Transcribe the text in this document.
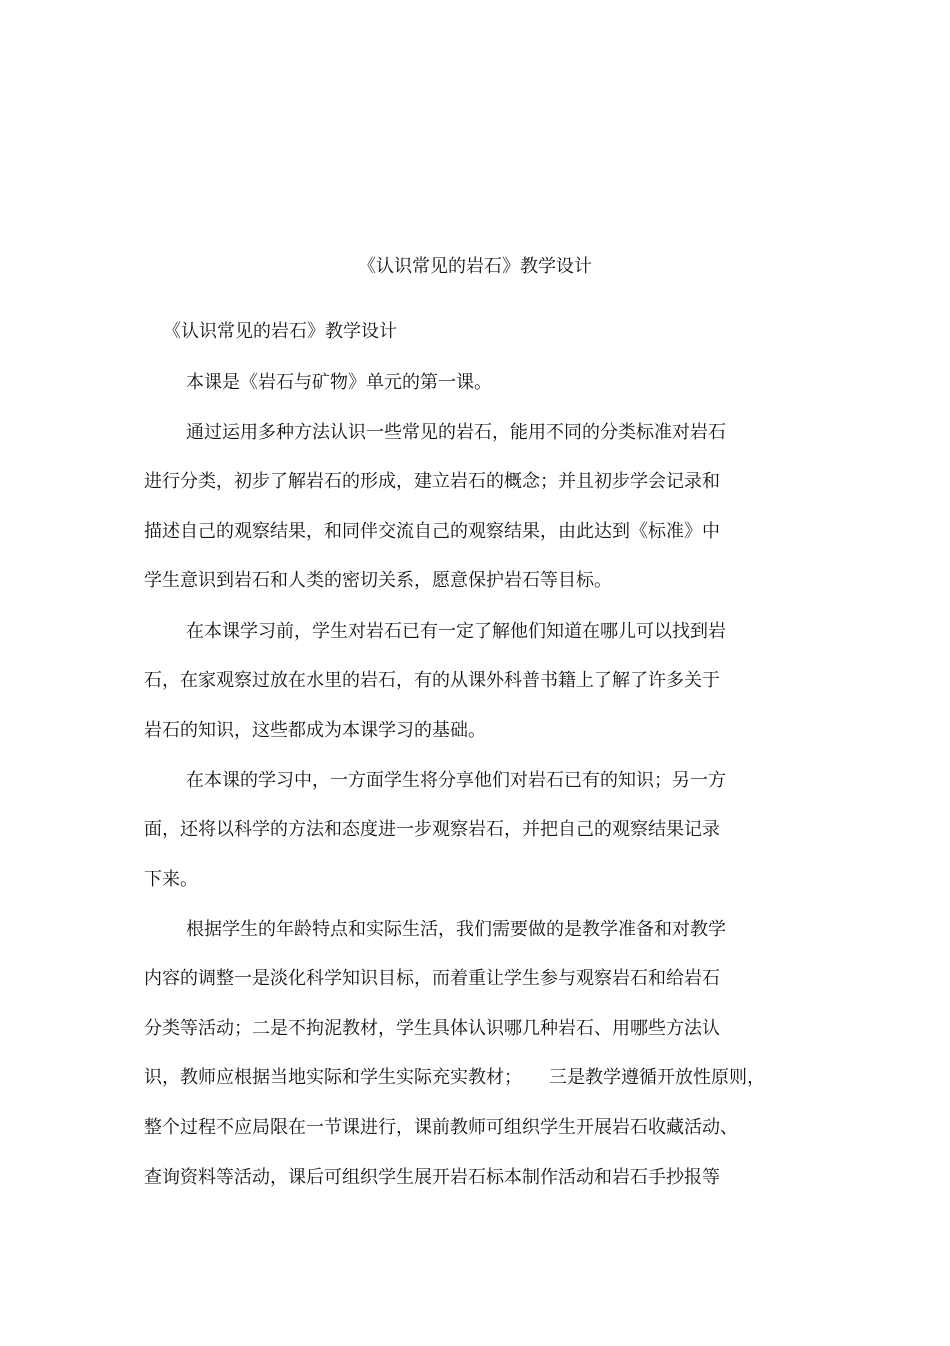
《认识常见的岩石》教学设计
《认识常见的岩石》教学设计
本课是《岩石与矿物》单元的第一课。
通过运用多种方法认识一些常见的岩石，能用不同的分类标准对岩石
进行分类，初步了解岩石的形成，建立岩石的概念；并且初步学会记录和
描述自己的观察结果，和同伴交流自己的观察结果，由此达到《标准》中
学生意识到岩石和人类的密切关系，愿意保护岩石等目标。
在本课学习前，学生对岩石已有一定了解他们知道在哪儿可以找到岩
石，在家观察过放在水里的岩石，有的从课外科普书籍上了解了许多关于
岩石的知识，这些都成为本课学习的基础。
在本课的学习中，一方面学生将分享他们对岩石已有的知识；另一方
面，还将以科学的方法和态度进一步观察岩石，并把自己的观察结果记录
下来。
根据学生的年龄特点和实际生活，我们需要做的是教学准备和对教学
内容的调整一是淡化科学知识目标，而着重让学生参与观察岩石和给岩石
分类等活动；二是不拘泥教材，学生具体认识哪几种岩石、用哪些方法认
识，教师应根据当地实际和学生实际充实教材；　　三是教学遵循开放性原则，
整个过程不应局限在一节课进行，课前教师可组织学生开展岩石收藏活动、
查询资料等活动，课后可组织学生展开岩石标本制作活动和岩石手抄报等
